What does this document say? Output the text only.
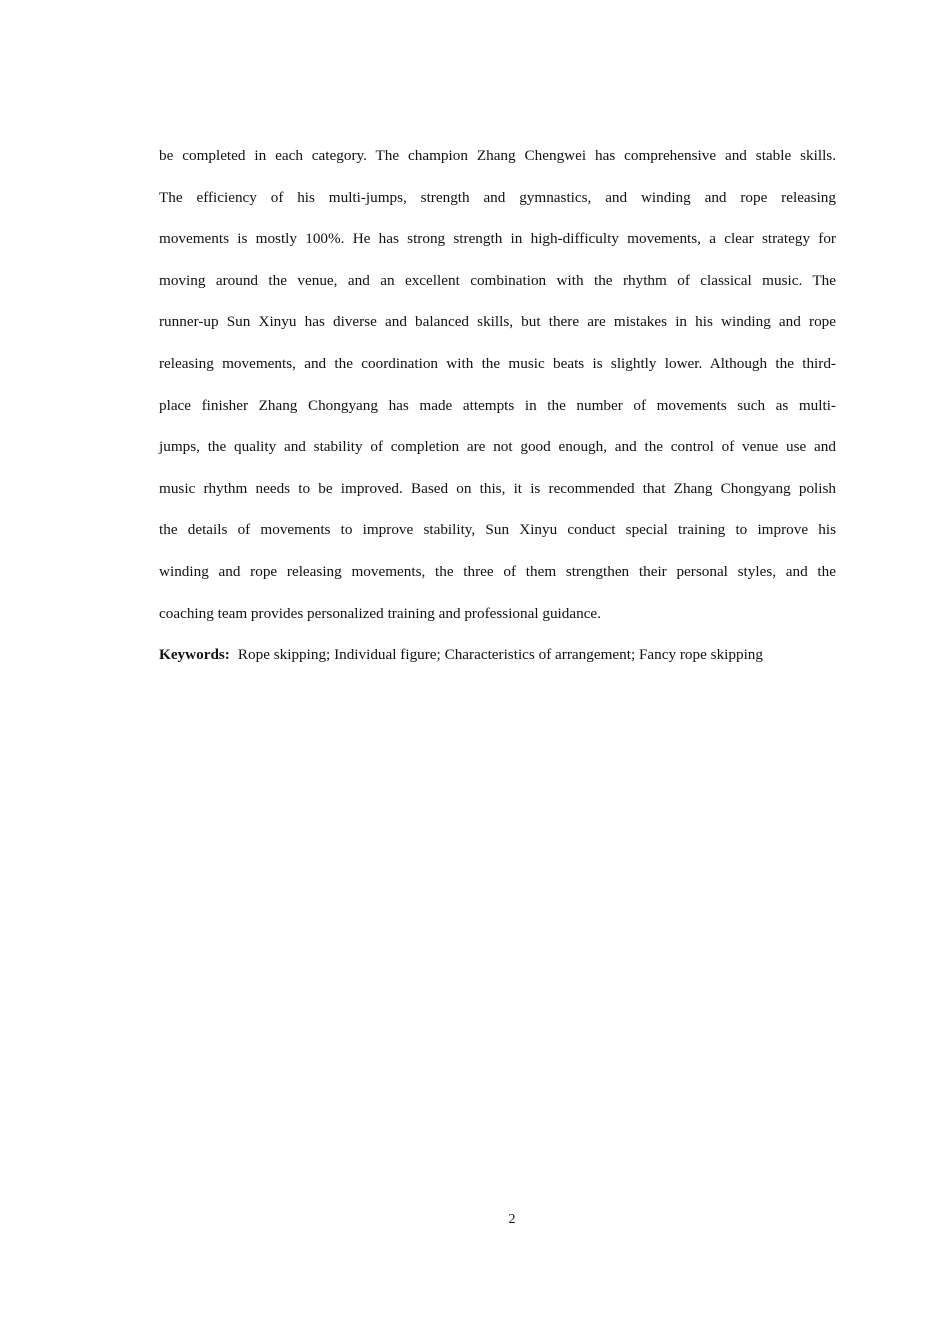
be completed in each category. The champion Zhang Chengwei has comprehensive and stable skills.
The efficiency of his multi-jumps, strength and gymnastics, and winding and rope releasing
movements is mostly 100%. He has strong strength in high-difficulty movements, a clear strategy for
moving around the venue, and an excellent combination with the rhythm of classical music. The
runner-up Sun Xinyu has diverse and balanced skills, but there are mistakes in his winding and rope
releasing movements, and the coordination with the music beats is slightly lower. Although the third-
place finisher Zhang Chongyang has made attempts in the number of movements such as multi-
jumps, the quality and stability of completion are not good enough, and the control of venue use and
music rhythm needs to be improved. Based on this, it is recommended that Zhang Chongyang polish
the details of movements to improve stability, Sun Xinyu conduct special training to improve his
winding and rope releasing movements, the three of them strengthen their personal styles, and the
coaching team provides personalized training and professional guidance.
Keywords: Rope skipping; Individual figure; Characteristics of arrangement; Fancy rope skipping
2
